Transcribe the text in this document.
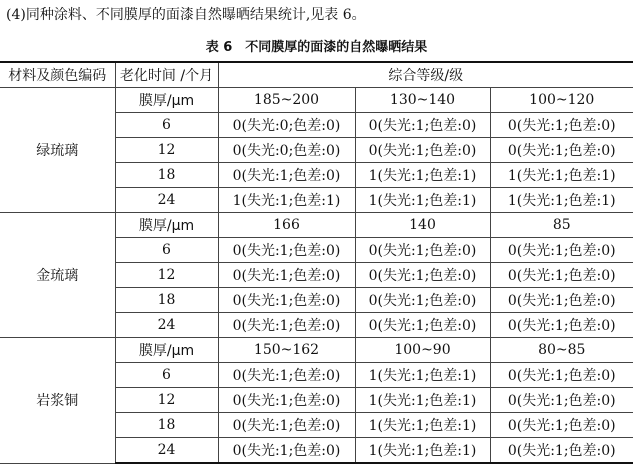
(4)同种涂料、不同膜厚的面漆自然曝晒结果统计,见表 6。
表 6　不同膜厚的面漆的自然曝晒结果
材料及颜色编码	老化时间 /个月	综合等级/级		
绿琉璃	膜厚/μm	185~200	130~140	100~120
	6	0(失光:0;色差:0)	0(失光:1;色差:0)	0(失光:1;色差:0)
	12	0(失光:0;色差:0)	0(失光:1;色差:0)	0(失光:1;色差:0)
	18	0(失光:1;色差:0)	1(失光:1;色差:1)	1(失光:1;色差:1)
	24	1(失光:1;色差:1)	1(失光:1;色差:1)	1(失光:1;色差:1)
金琉璃	膜厚/μm	166	140	85
	6	0(失光:1;色差:0)	0(失光:1;色差:0)	0(失光:1;色差:0)
	12	0(失光:1;色差:0)	0(失光:1;色差:0)	0(失光:1;色差:0)
	18	0(失光:1;色差:0)	0(失光:1;色差:0)	0(失光:1;色差:0)
	24	0(失光:1;色差:0)	0(失光:1;色差:0)	0(失光:1;色差:0)
岩浆铜	膜厚/μm	150~162	100~90	80~85
	6	0(失光:1;色差:0)	1(失光:1;色差:1)	0(失光:1;色差:0)
	12	0(失光:1;色差:0)	1(失光:1;色差:1)	0(失光:1;色差:0)
	18	0(失光:1;色差:0)	1(失光:1;色差:1)	0(失光:1;色差:0)
	24	0(失光:1;色差:0)	1(失光:1;色差:1)	0(失光:1;色差:0)
